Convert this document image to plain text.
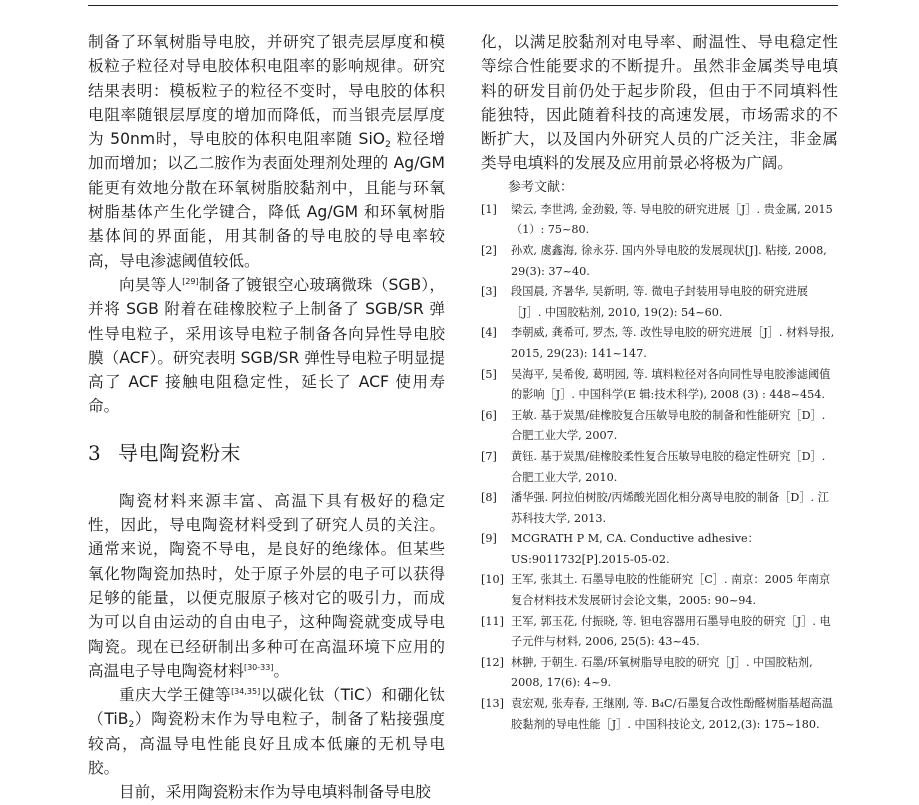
制备了环氧树脂导电胶，并研究了银壳层厚度和模板粒子粒径对导电胶体积电阻率的影响规律。研究结果表明：模板粒子的粒径不变时，导电胶的体积电阻率随银层厚度的增加而降低，而当银壳层厚度为 50nm时，导电胶的体积电阻率随 SiO$_2$ 粒径增加而增加；以乙二胺作为表面处理剂处理的 Ag/GM 能更有效地分散在环氧树脂胶黏剂中，且能与环氧树脂基体产生化学键合，降低 Ag/GM 和环氧树脂基体间的界面能，用其制备的导电胶的导电率较高，导电渗滤阈值较低。

向昊等人[29]制备了镀银空心玻璃微珠（SGB），并将 SGB 附着在硅橡胶粒子上制备了 SGB/SR 弹性导电粒子，采用该导电粒子制备各向异性导电胶膜（ACF）。研究表明 SGB/SR 弹性导电粒子明显提高了 ACF 接触电阻稳定性，延长了 ACF 使用寿命。

3 导电陶瓷粉末

陶瓷材料来源丰富、高温下具有极好的稳定性，因此，导电陶瓷材料受到了研究人员的关注。通常来说，陶瓷不导电，是良好的绝缘体。但某些氧化物陶瓷加热时，处于原子外层的电子可以获得足够的能量，以便克服原子核对它的吸引力，而成为可以自由运动的自由电子，这种陶瓷就变成导电陶瓷。现在已经研制出多种可在高温环境下应用的高温电子导电陶瓷材料[30-33]。

重庆大学王健等[34,35]以碳化钛（TiC）和硼化钛（TiB$_2$）陶瓷粉末作为导电粒子，制备了粘接强度较高，高温导电性能良好且成本低廉的无机导电胶。

目前，采用陶瓷粉末作为导电填料制备导电胶

化，以满足胶黏剂对电导率、耐温性、导电稳定性等综合性能要求的不断提升。虽然非金属类导电填料的研发目前仍处于起步阶段，但由于不同填料性能独特，因此随着科技的高速发展，市场需求的不断扩大，以及国内外研究人员的广泛关注，非金属类导电填料的发展及应用前景必将极为广阔。

参考文献：
[1]	梁云, 李世鸿, 金劲毅, 等. 导电胶的研究进展［J］. 贵金属, 2015（1）: 75~80.
[2]	孙欢, 虞鑫海, 徐永芬. 国内外导电胶的发展现状[J]. 粘接, 2008, 29(3): 37~40.
[3]	段国晨, 齐暑华, 吴新明, 等. 微电子封装用导电胶的研究进展［J］. 中国胶粘剂, 2010, 19(2): 54~60.
[4]	李朝威, 龚希可, 罗杰, 等. 改性导电胶的研究进展［J］. 材料导报, 2015, 29(23): 141~147.
[5]	吴海平, 吴希俊, 葛明园, 等. 填料粒径对各向同性导电胶渗滤阈值的影响［J］. 中国科学(E 辑:技术科学), 2008 (3) : 448~454.
[6]	王敏. 基于炭黑/硅橡胶复合压敏导电胶的制备和性能研究［D］. 合肥工业大学, 2007.
[7]	黄钰. 基于炭黑/硅橡胶柔性复合压敏导电胶的稳定性研究［D］. 合肥工业大学, 2010.
[8]	潘华强. 阿拉伯树胶/丙烯酸光固化相分离导电胶的制备［D］. 江苏科技大学, 2013.
[9]	MCGRATH P M, CA. Conductive adhesive：US:9011732[P].2015-05-02.
[10] 王军, 张其土. 石墨导电胶的性能研究［C］. 南京：2005 年南京复合材料技术发展研讨会论文集，2005: 90~94.
[11] 王军, 郭玉花, 付振晓, 等. 钽电容器用石墨导电胶的研究［J］. 电子元件与材料, 2006, 25(5): 43~45.
[12] 林翀, 于朝生. 石墨/环氧树脂导电胶的研究［J］. 中国胶粘剂, 2008, 17(6): 4~9.
[13] 袁宏观, 张寿春, 王继刚, 等. B₄C/石墨复合改性酚醛树脂基超高温胶黏剂的导电性能［J］. 中国科技论文, 2012,(3): 175~180.
